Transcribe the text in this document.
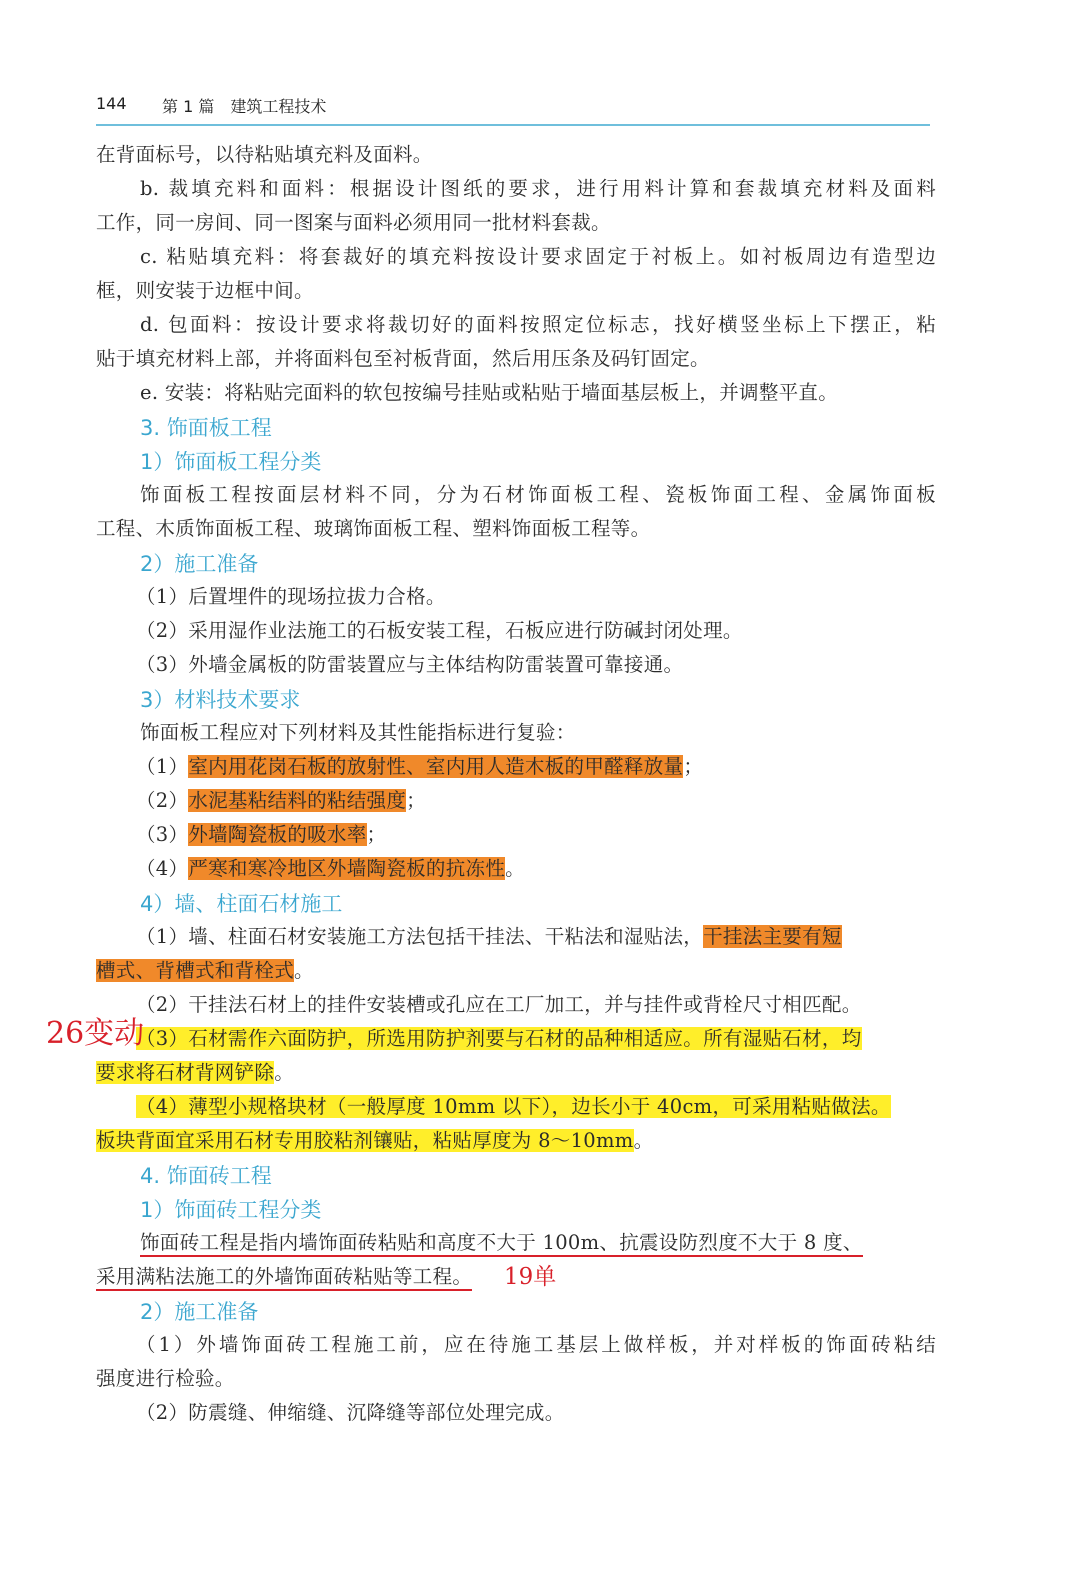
144 第 1 篇　建筑工程技术
在背面标号，以待粘贴填充料及面料。
b. 裁填充料和面料：根据设计图纸的要求，进行用料计算和套裁填充材料及面料
工作，同一房间、同一图案与面料必须用同一批材料套裁。
c. 粘贴填充料：将套裁好的填充料按设计要求固定于衬板上。如衬板周边有造型边
框，则安装于边框中间。
d. 包面料：按设计要求将裁切好的面料按照定位标志，找好横竖坐标上下摆正，粘
贴于填充材料上部，并将面料包至衬板背面，然后用压条及码钉固定。
e. 安装：将粘贴完面料的软包按编号挂贴或粘贴于墙面基层板上，并调整平直。
3. 饰面板工程
1）饰面板工程分类
饰面板工程按面层材料不同，分为石材饰面板工程、瓷板饰面工程、金属饰面板
工程、木质饰面板工程、玻璃饰面板工程、塑料饰面板工程等。
2）施工准备
（1）后置埋件的现场拉拔力合格。
（2）采用湿作业法施工的石板安装工程，石板应进行防碱封闭处理。
（3）外墙金属板的防雷装置应与主体结构防雷装置可靠接通。
3）材料技术要求
饰面板工程应对下列材料及其性能指标进行复验：
（1）室内用花岗石板的放射性、室内用人造木板的甲醛释放量；
（2）水泥基粘结料的粘结强度；
（3）外墙陶瓷板的吸水率；
（4）严寒和寒冷地区外墙陶瓷板的抗冻性。
4）墙、柱面石材施工
（1）墙、柱面石材安装施工方法包括干挂法、干粘法和湿贴法，干挂法主要有短
槽式、背槽式和背栓式。
（2）干挂法石材上的挂件安装槽或孔应在工厂加工，并与挂件或背栓尺寸相匹配。
（3）石材需作六面防护，所选用防护剂要与石材的品种相适应。所有湿贴石材，均
要求将石材背网铲除。
（4）薄型小规格块材（一般厚度 10mm 以下），边长小于 40cm，可采用粘贴做法。
板块背面宜采用石材专用胶粘剂镶贴，粘贴厚度为 8～10mm。
4. 饰面砖工程
1）饰面砖工程分类
饰面砖工程是指内墙饰面砖粘贴和高度不大于 100m、抗震设防烈度不大于 8 度、
采用满粘法施工的外墙饰面砖粘贴等工程。
2）施工准备
（1）外墙饰面砖工程施工前，应在待施工基层上做样板，并对样板的饰面砖粘结
强度进行检验。
（2）防震缝、伸缩缝、沉降缝等部位处理完成。
26变动
19单
